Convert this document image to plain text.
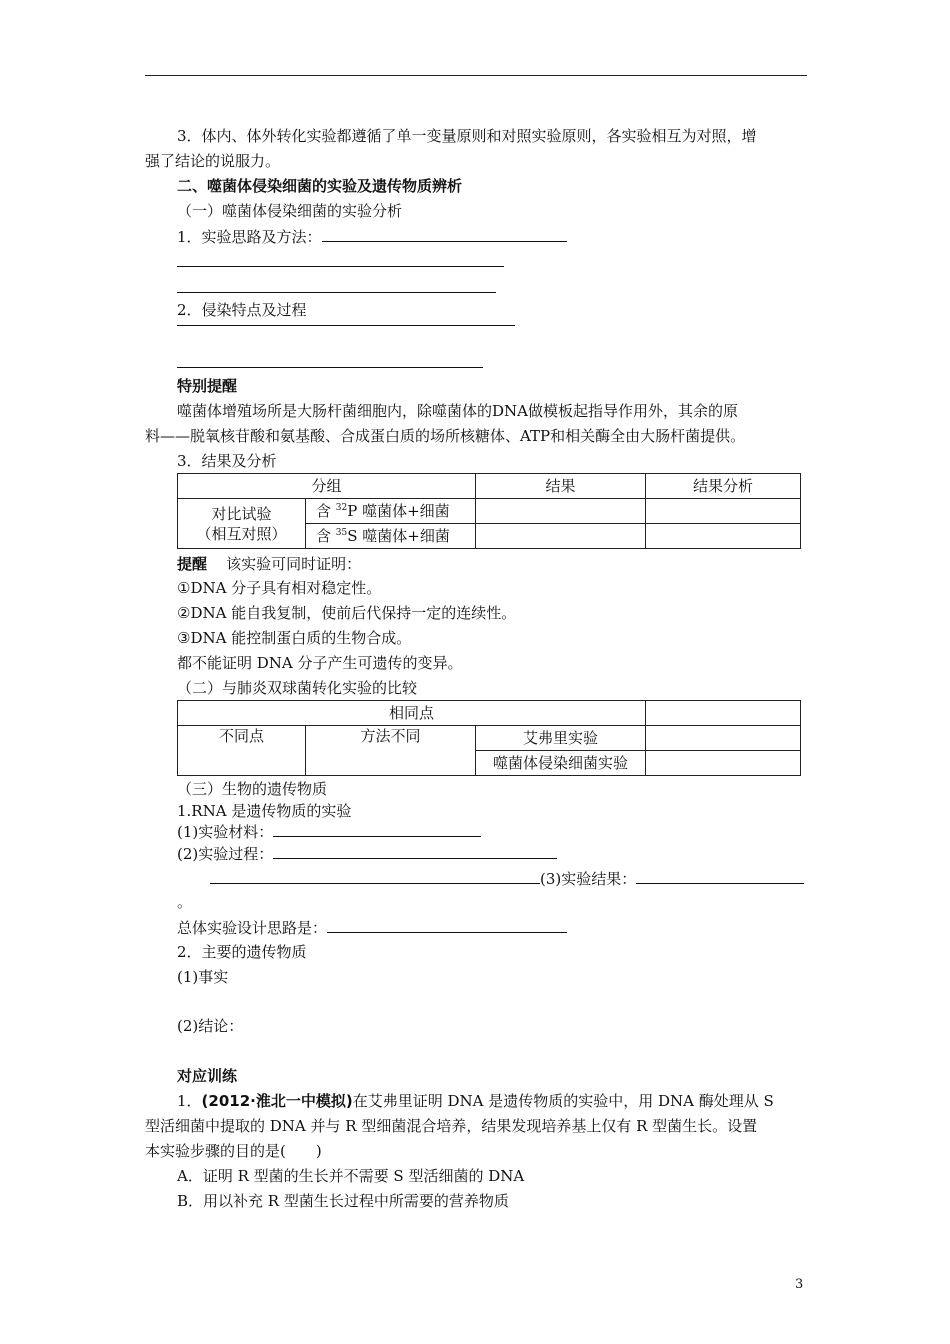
3．体内、体外转化实验都遵循了单一变量原则和对照实验原则，各实验相互为对照，增
强了结论的说服力。
二、噬菌体侵染细菌的实验及遗传物质辨析
（一）噬菌体侵染细菌的实验分析
1．实验思路及方法：
2．侵染特点及过程
特别提醒
噬菌体增殖场所是大肠杆菌细胞内，除噬菌体的DNA做模板起指导作用外，其余的原
料——脱氧核苷酸和氨基酸、合成蛋白质的场所核糖体、ATP和相关酶全由大肠杆菌提供。
3．结果及分析
分组		结果	结果分析

对比试验
（相互对照）	含 $^{32}$P 噬菌体+细菌		
	含 $^{35}$S 噬菌体+细菌		
提醒 该实验可同时证明：
①DNA 分子具有相对稳定性。
②DNA 能自我复制，使前后代保持一定的连续性。
③DNA 能控制蛋白质的生物合成。
都不能证明 DNA 分子产生可遗传的变异。
（二）与肺炎双球菌转化实验的比较
相同点			
不同点	方法不同	艾弗里实验	
		噬菌体侵染细菌实验	
（三）生物的遗传物质
1.RNA 是遗传物质的实验
(1)实验材料：
(2)实验过程：
(3)实验结果：
。
总体实验设计思路是：
2．主要的遗传物质
(1)事实
(2)结论：
对应训练
1．(2012·淮北一中模拟)在艾弗里证明 DNA 是遗传物质的实验中，用 DNA 酶处理从 S
型活细菌中提取的 DNA 并与 R 型细菌混合培养，结果发现培养基上仅有 R 型菌生长。设置
本实验步骤的目的是(　　)
A．证明 R 型菌的生长并不需要 S 型活细菌的 DNA
B．用以补充 R 型菌生长过程中所需要的营养物质
3
